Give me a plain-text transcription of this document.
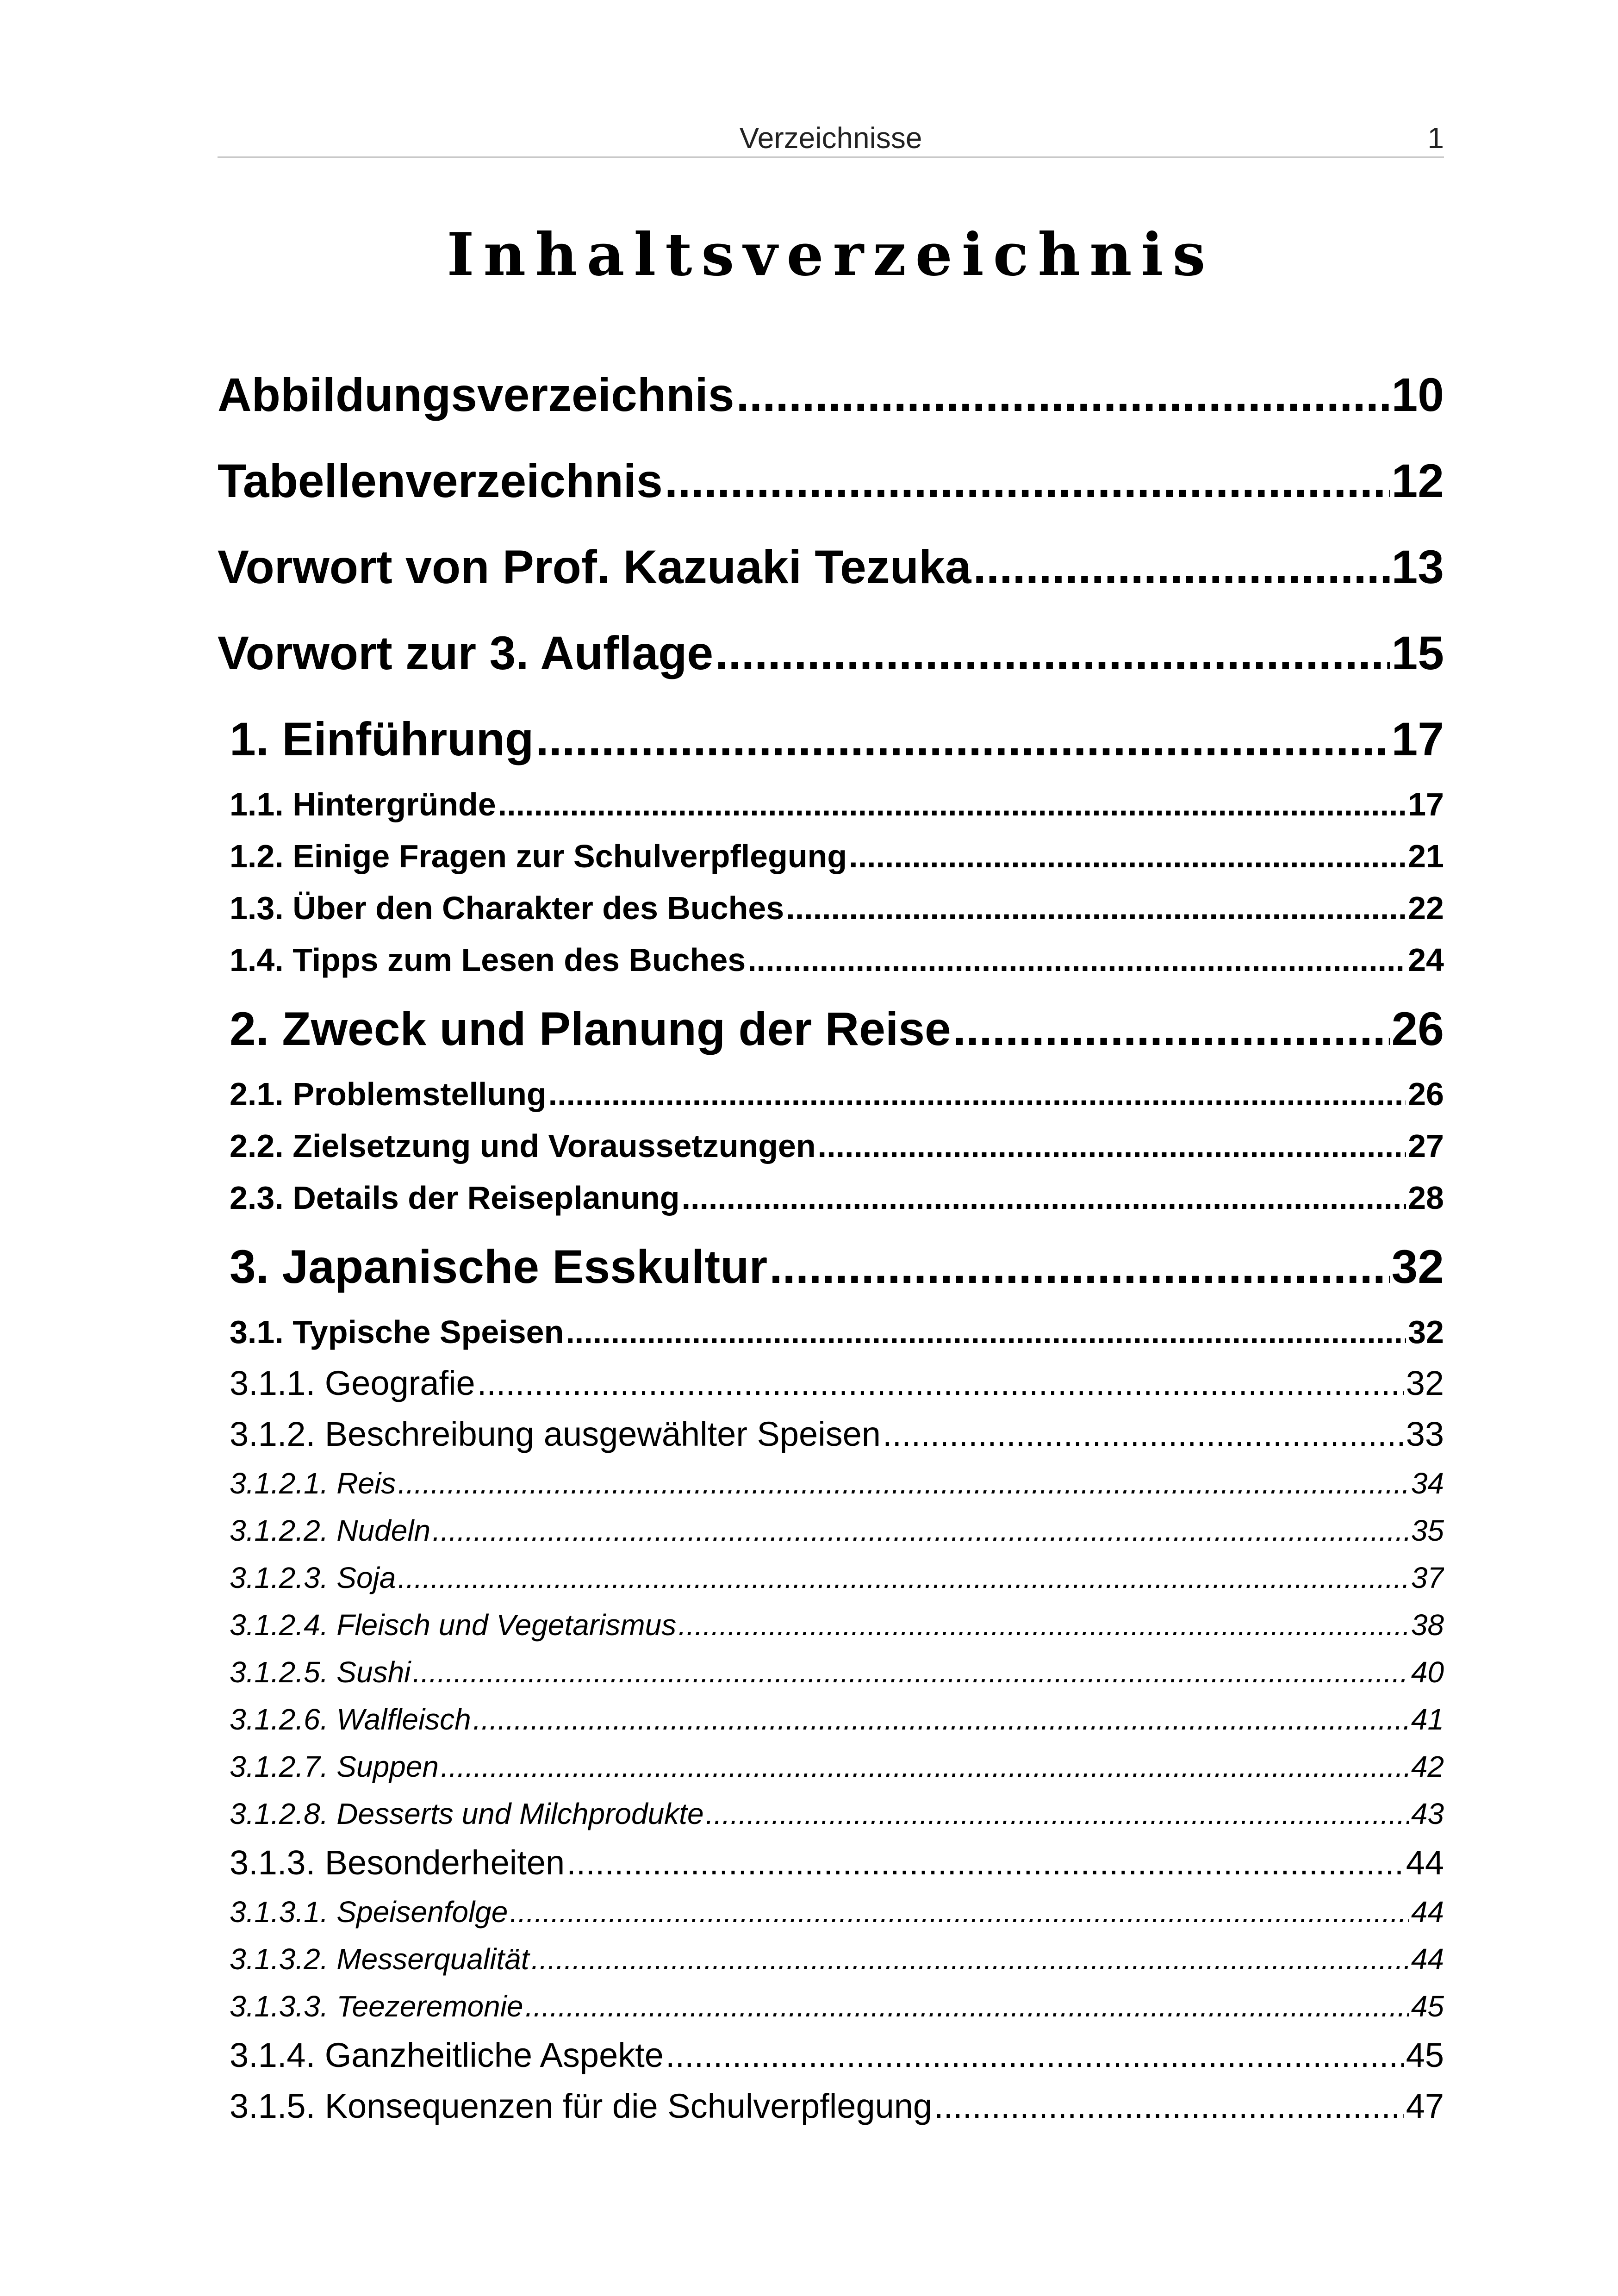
Verzeichnisse	1
Inhaltsverzeichnis
Abbildungsverzeichnis .....	10
Tabellenverzeichnis .....	12
Vorwort von Prof. Kazuaki Tezuka .....	13
Vorwort zur 3. Auflage .....	15
1. Einführung .....	17
1.1. Hintergründe .....	17
1.2. Einige Fragen zur Schulverpflegung .....	21
1.3. Über den Charakter des Buches .....	22
1.4. Tipps zum Lesen des Buches .....	24
2. Zweck und Planung der Reise .....	26
2.1. Problemstellung .....	26
2.2. Zielsetzung und Voraussetzungen .....	27
2.3. Details der Reiseplanung .....	28
3. Japanische Esskultur .....	32
3.1. Typische Speisen .....	32
3.1.1. Geografie .....	32
3.1.2. Beschreibung ausgewählter Speisen .....	33
3.1.2.1. Reis .....	34
3.1.2.2. Nudeln .....	35
3.1.2.3. Soja .....	37
3.1.2.4. Fleisch und Vegetarismus .....	38
3.1.2.5. Sushi .....	40
3.1.2.6. Walfleisch .....	41
3.1.2.7. Suppen .....	42
3.1.2.8. Desserts und Milchprodukte .....	43
3.1.3. Besonderheiten .....	44
3.1.3.1. Speisenfolge .....	44
3.1.3.2. Messerqualität .....	44
3.1.3.3. Teezeremonie .....	45
3.1.4. Ganzheitliche Aspekte .....	45
3.1.5. Konsequenzen für die Schulverpflegung .....	47
